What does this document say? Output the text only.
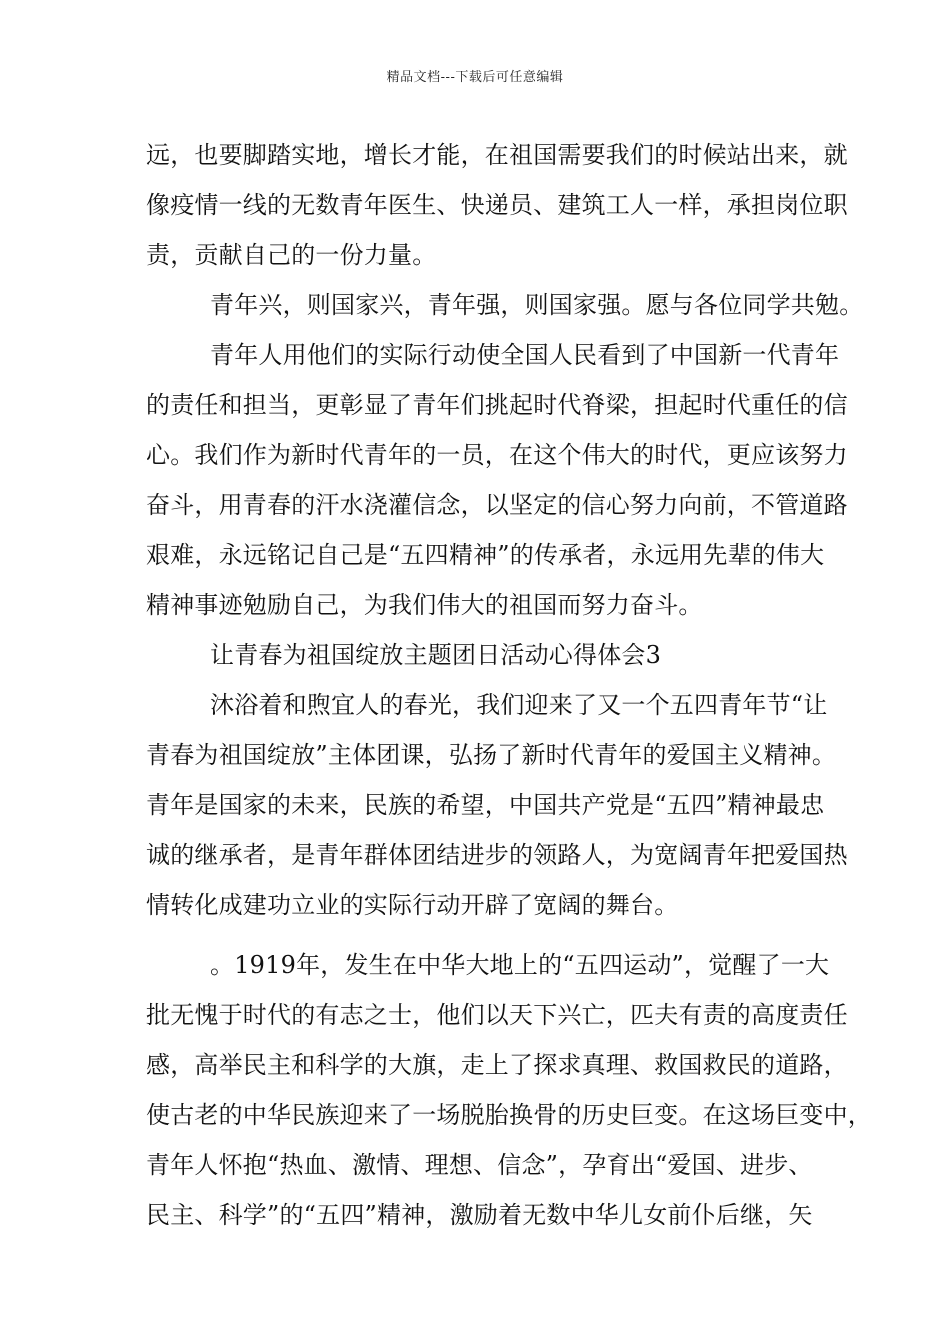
精品文档---下载后可任意编辑
远，也要脚踏实地，增长才能，在祖国需要我们的时候站出来，就
像疫情一线的无数青年医生、快递员、建筑工人一样，承担岗位职
责，贡献自己的一份力量。
青年兴，则国家兴，青年强，则国家强。愿与各位同学共勉。
青年人用他们的实际行动使全国人民看到了中国新一代青年
的责任和担当，更彰显了青年们挑起时代脊梁，担起时代重任的信
心。我们作为新时代青年的一员，在这个伟大的时代，更应该努力
奋斗，用青春的汗水浇灌信念，以坚定的信心努力向前，不管道路
艰难，永远铭记自己是“五四精神”的传承者，永远用先辈的伟大
精神事迹勉励自己，为我们伟大的祖国而努力奋斗。
让青春为祖国绽放主题团日活动心得体会3
沐浴着和煦宜人的春光，我们迎来了又一个五四青年节“让
青春为祖国绽放”主体团课，弘扬了新时代青年的爱国主义精神。
青年是国家的未来，民族的希望，中国共产党是“五四”精神最忠
诚的继承者，是青年群体团结进步的领路人，为宽阔青年把爱国热
情转化成建功立业的实际行动开辟了宽阔的舞台。
。1919年，发生在中华大地上的“五四运动”，觉醒了一大
批无愧于时代的有志之士，他们以天下兴亡，匹夫有责的高度责任
感，高举民主和科学的大旗，走上了探求真理、救国救民的道路，
使古老的中华民族迎来了一场脱胎换骨的历史巨变。在这场巨变中，
青年人怀抱“热血、激情、理想、信念”，孕育出“爱国、进步、
民主、科学”的“五四”精神，激励着无数中华儿女前仆后继，矢
